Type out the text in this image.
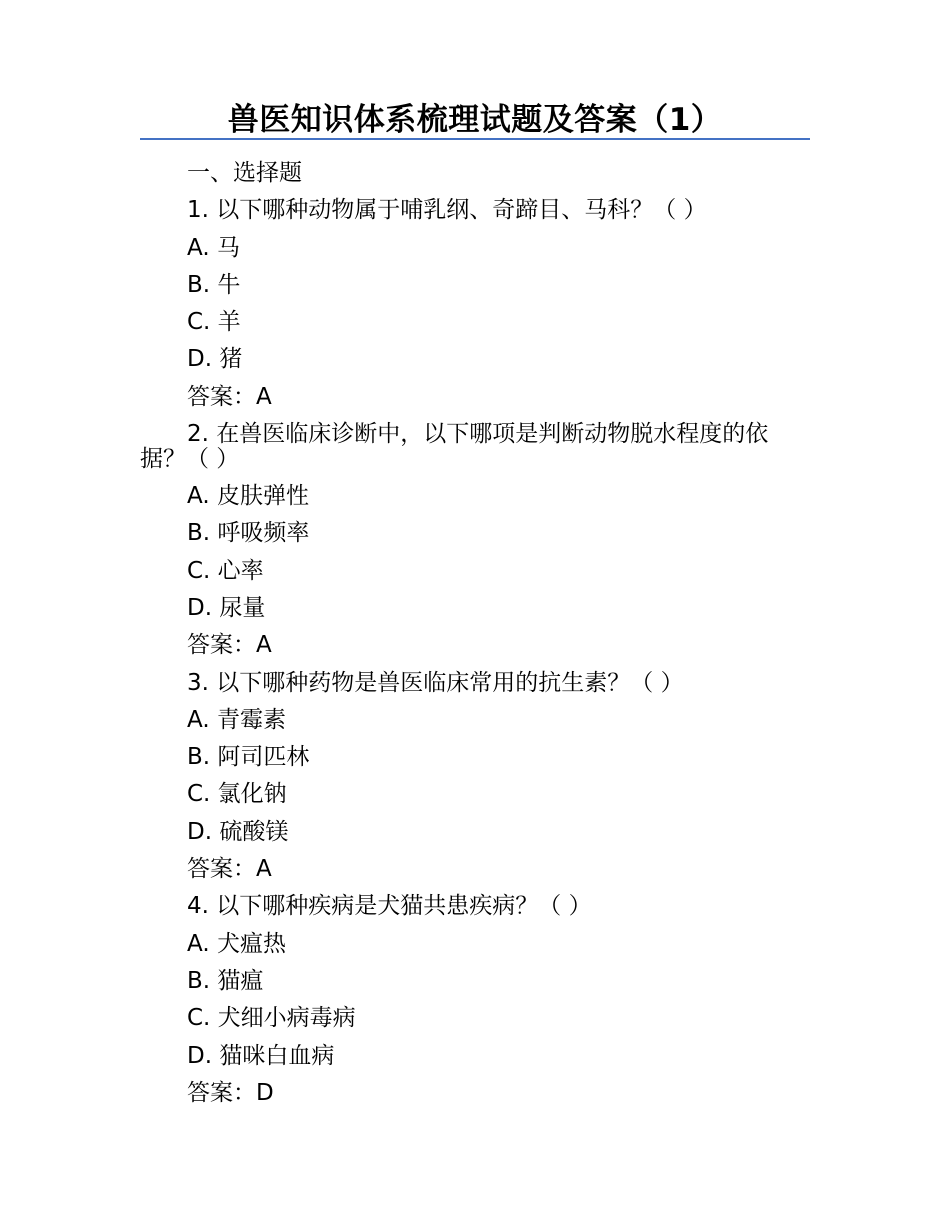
兽医知识体系梳理试题及答案（1）
一、选择题
1. 以下哪种动物属于哺乳纲、奇蹄目、马科？（ ）
A. 马
B. 牛
C. 羊
D. 猪
答案：A
2. 在兽医临床诊断中，以下哪项是判断动物脱水程度的依据？（ ）
A. 皮肤弹性
B. 呼吸频率
C. 心率
D. 尿量
答案：A
3. 以下哪种药物是兽医临床常用的抗生素？（ ）
A. 青霉素
B. 阿司匹林
C. 氯化钠
D. 硫酸镁
答案：A
4. 以下哪种疾病是犬猫共患疾病？（ ）
A. 犬瘟热
B. 猫瘟
C. 犬细小病毒病
D. 猫咪白血病
答案：D
